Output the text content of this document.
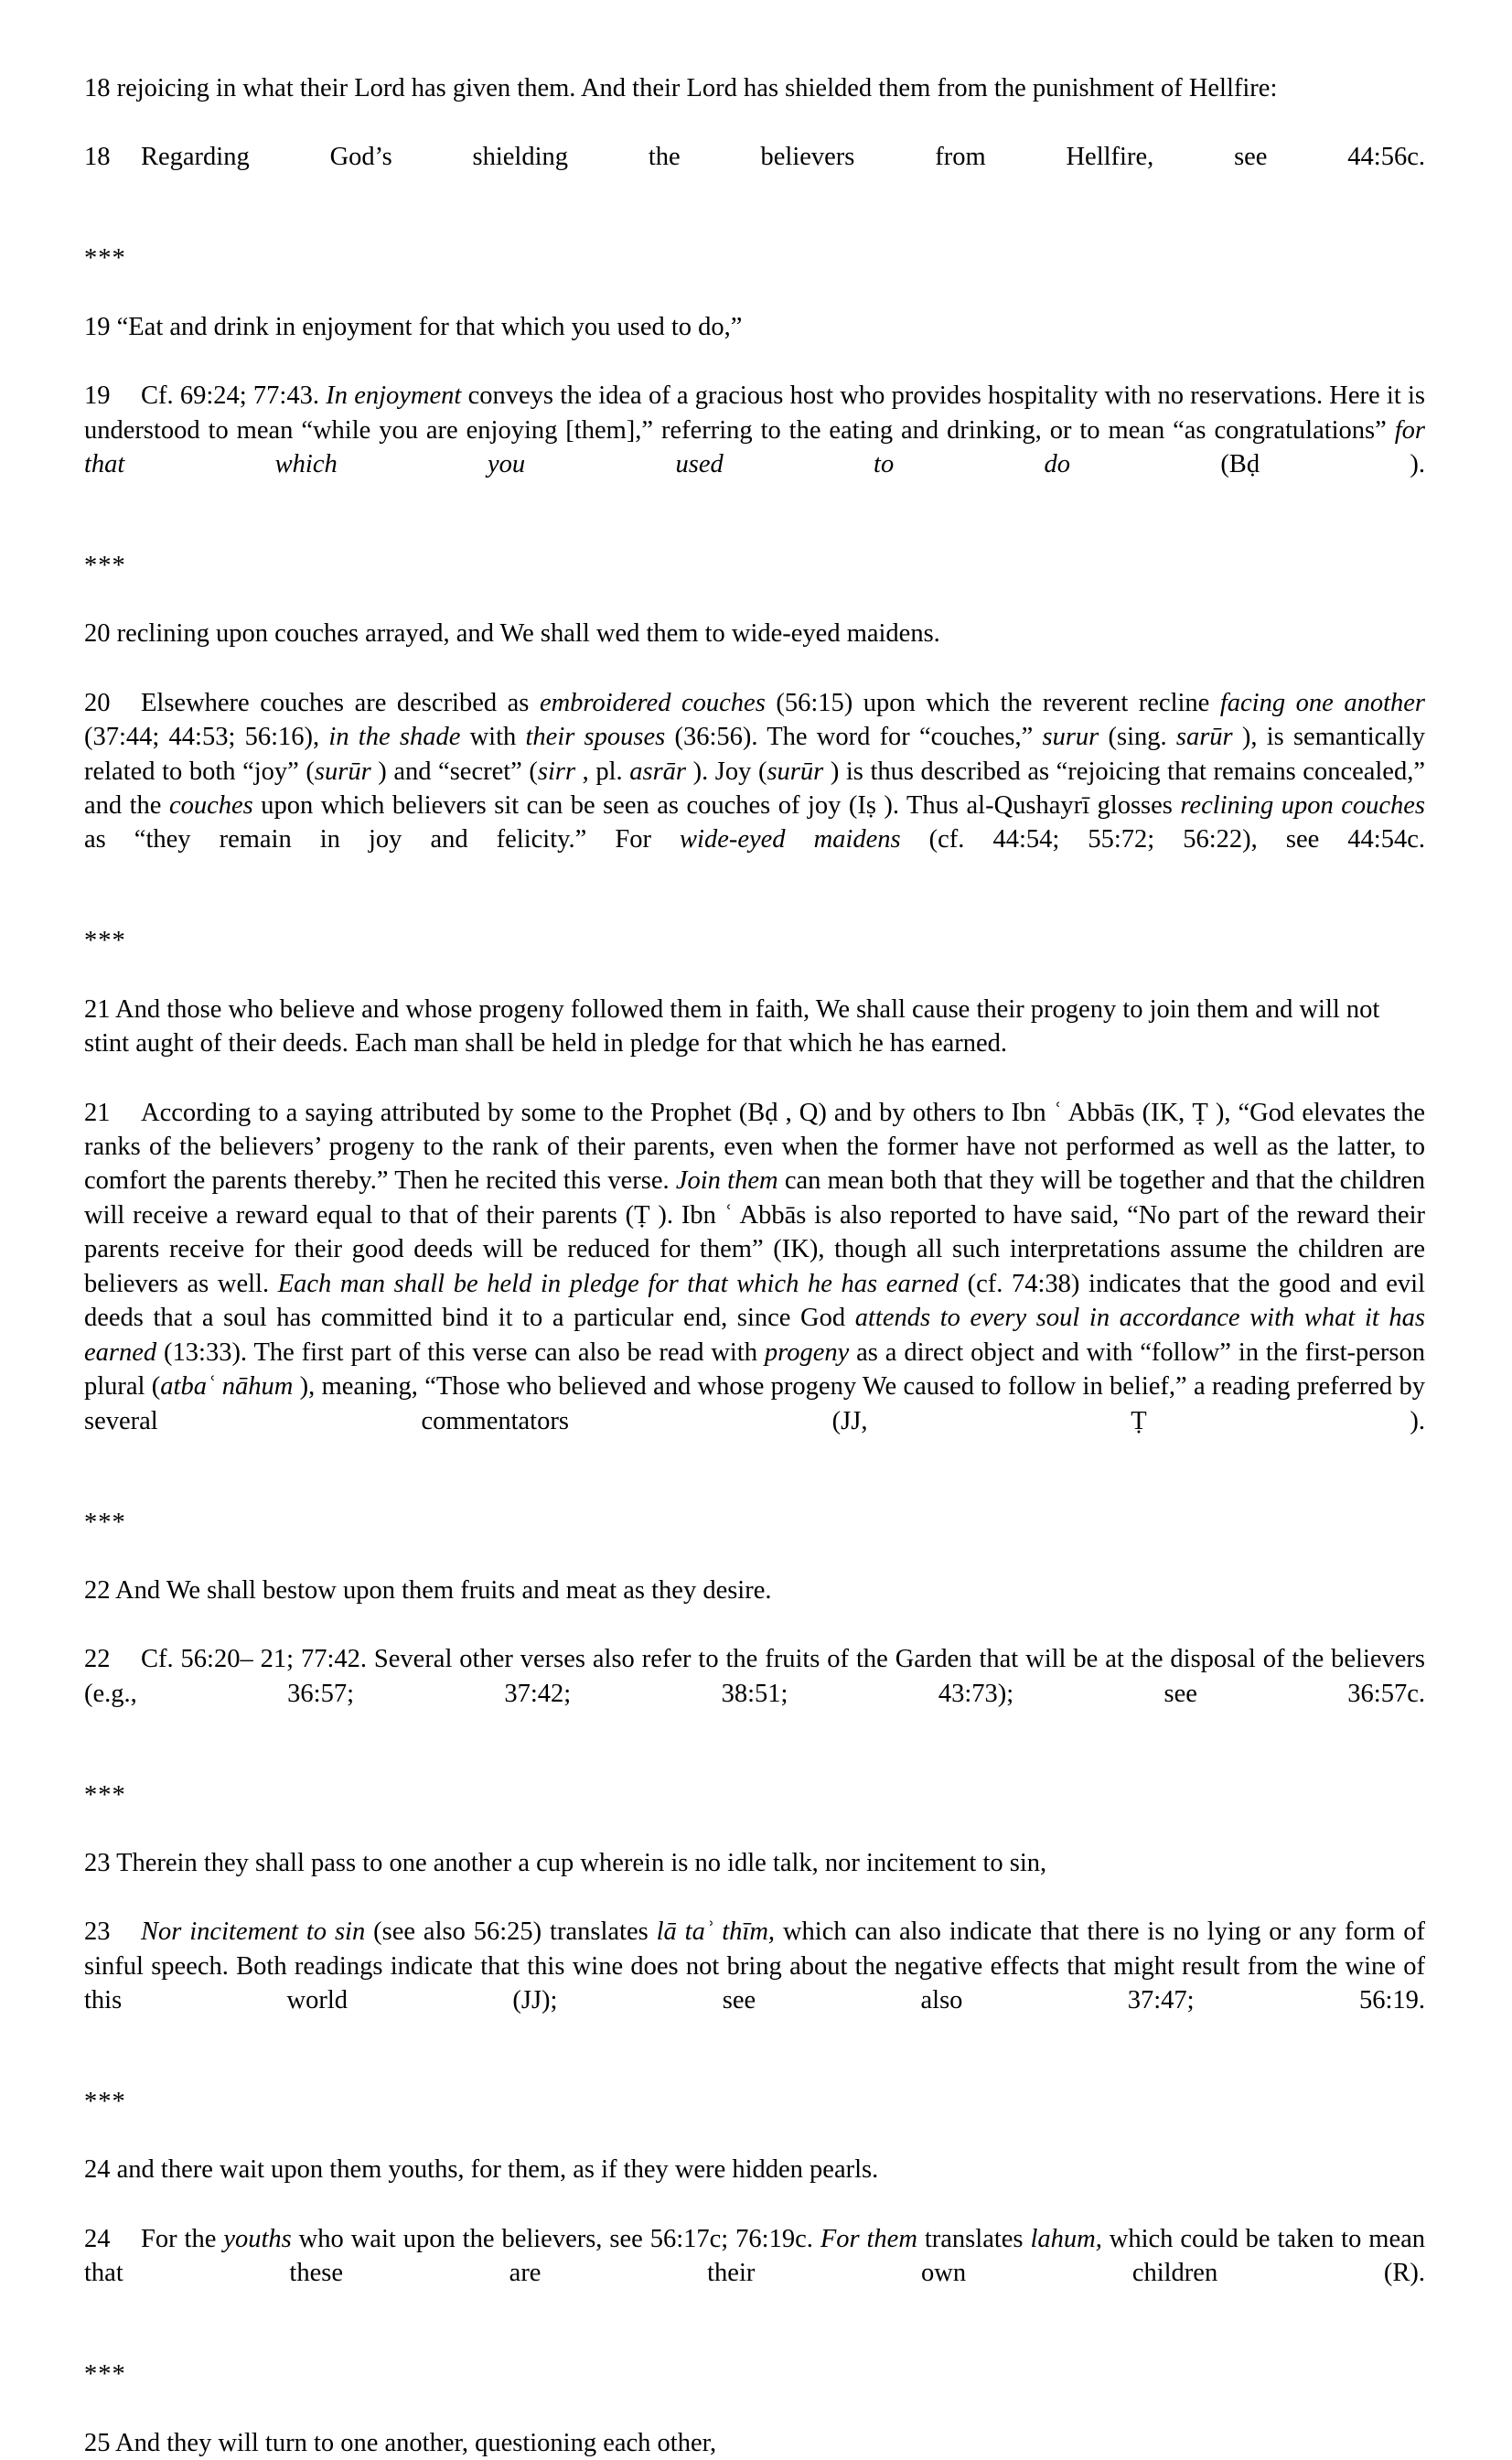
18 rejoicing in what their Lord has given them. And their Lord has shielded them from the punishment of Hellfire:

18 Regarding God’s shielding the believers from Hellfire, see 44:56c.

***

19 “Eat and drink in enjoyment for that which you used to do,”

19 Cf. 69:24; 77:43. In enjoyment conveys the idea of a gracious host who provides hospitality with no reservations. Here it is understood to mean “while you are enjoying [them],” referring to the eating and drinking, or to mean “as congratulations” for that which you used to do (Bḍ ).

***

20 reclining upon couches arrayed, and We shall wed them to wide-eyed maidens.

20 Elsewhere couches are described as embroidered couches (56:15) upon which the reverent recline facing one another (37:44; 44:53; 56:16), in the shade with their spouses (36:56). The word for “couches,” surur (sing. sarūr ), is semantically related to both “joy” (surūr ) and “secret” (sirr , pl. asrār ). Joy (surūr ) is thus described as “rejoicing that remains concealed,” and the couches upon which believers sit can be seen as couches of joy (Iṣ ). Thus al-Qushayrī glosses reclining upon couches as “they remain in joy and felicity.” For wide-eyed maidens (cf. 44:54; 55:72; 56:22), see 44:54c.

***

21 And those who believe and whose progeny followed them in faith, We shall cause their progeny to join them and will not stint aught of their deeds. Each man shall be held in pledge for that which he has earned.

21 According to a saying attributed by some to the Prophet (Bḍ , Q) and by others to Ibn ʿ Abbās (IK, Ṭ ), “God elevates the ranks of the believers’ progeny to the rank of their parents, even when the former have not performed as well as the latter, to comfort the parents thereby.” Then he recited this verse. Join them can mean both that they will be together and that the children will receive a reward equal to that of their parents (Ṭ ). Ibn ʿ Abbās is also reported to have said, “No part of the reward their parents receive for their good deeds will be reduced for them” (IK), though all such interpretations assume the children are believers as well. Each man shall be held in pledge for that which he has earned (cf. 74:38) indicates that the good and evil deeds that a soul has committed bind it to a particular end, since God attends to every soul in accordance with what it has earned (13:33). The first part of this verse can also be read with progeny as a direct object and with “follow” in the first-person plural (atbaʿ nāhum ), meaning, “Those who believed and whose progeny We caused to follow in belief,” a reading preferred by several commentators (JJ, Ṭ ).

***

22 And We shall bestow upon them fruits and meat as they desire.

22 Cf. 56:20– 21; 77:42. Several other verses also refer to the fruits of the Garden that will be at the disposal of the believers (e.g., 36:57; 37:42; 38:51; 43:73); see 36:57c.

***

23 Therein they shall pass to one another a cup wherein is no idle talk, nor incitement to sin,

23 Nor incitement to sin (see also 56:25) translates lā taʾ thīm, which can also indicate that there is no lying or any form of sinful speech. Both readings indicate that this wine does not bring about the negative effects that might result from the wine of this world (JJ); see also 37:47; 56:19.

***

24 and there wait upon them youths, for them, as if they were hidden pearls.

24 For the youths who wait upon the believers, see 56:17c; 76:19c. For them translates lahum, which could be taken to mean that these are their own children (R).

***

25 And they will turn to one another, questioning each other,
